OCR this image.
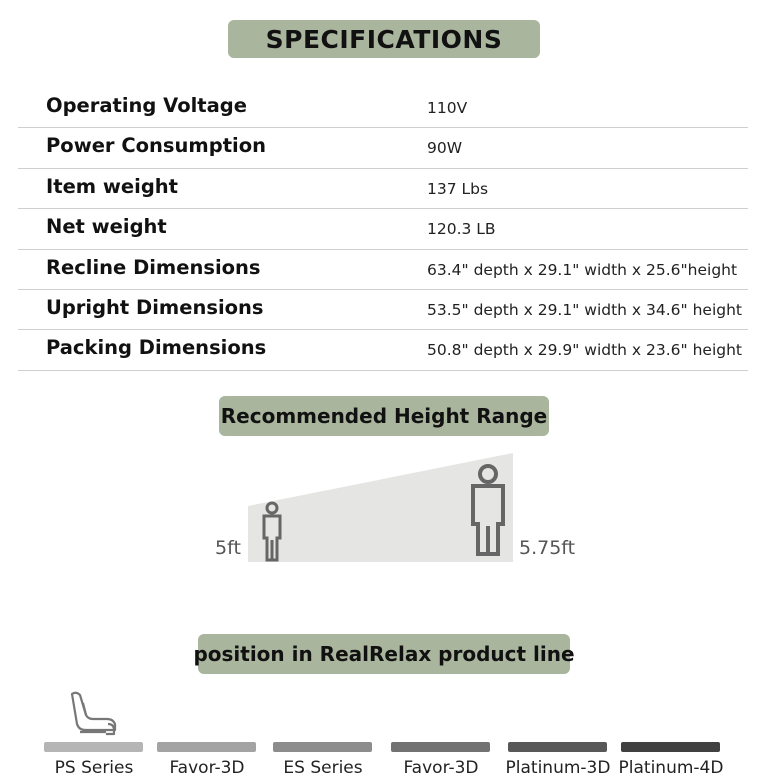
SPECIFICATIONS
Operating Voltage	110V
Power Consumption	90W
Item weight	137 Lbs
Net weight	120.3 LB
Recline Dimensions	63.4" depth x 29.1" width x 25.6"height
Upright Dimensions	53.5" depth x 29.1" width x 34.6" height
Packing Dimensions	50.8" depth x 29.9" width x 23.6" height
Recommended Height Range
5ft	5.75ft
position in RealRelax product line
PS Series	Favor-3D	ES Series	Favor-3D	Platinum-3D Platinum-4D
